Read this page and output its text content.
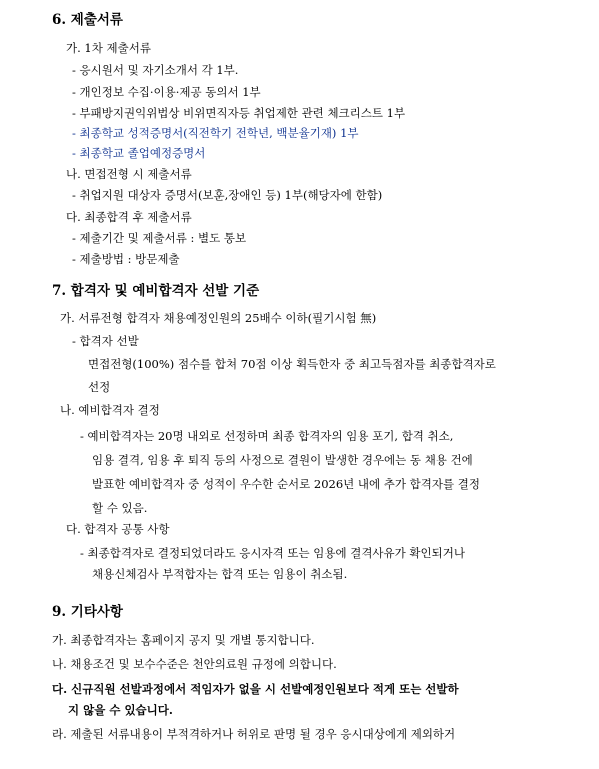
6. 제출서류
가. 1차 제출서류
- 응시원서 및 자기소개서 각 1부.
- 개인정보 수집·이용·제공 동의서 1부
- 부패방지권익위법상 비위면직자등 취업제한 관련 체크리스트 1부
- 최종학교 성적증명서(직전학기 전학년, 백분율기재) 1부
- 최종학교 졸업예정증명서
나. 면접전형 시 제출서류
- 취업지원 대상자 증명서(보훈,장애인 등) 1부(해당자에 한함)
다. 최종합격 후 제출서류
- 제출기간 및 제출서류 : 별도 통보
- 제출방법 : 방문제출
7. 합격자 및 예비합격자 선발 기준
가. 서류전형 합격자 채용예정인원의 25배수 이하(필기시험 無)
- 합격자 선발
면접전형(100%) 점수를 합쳐 70점 이상 획득한자 중 최고득점자를 최종합격자로
선정
나. 예비합격자 결정
- 예비합격자는 20명 내외로 선정하며 최종 합격자의 임용 포기, 합격 취소,
임용 결격, 임용 후 퇴직 등의 사정으로 결원이 발생한 경우에는 동 채용 건에
발표한 예비합격자 중 성적이 우수한 순서로 2026년 내에 추가 합격자를 결정
할 수 있음.
다. 합격자 공통 사항
- 최종합격자로 결정되었더라도 응시자격 또는 임용에 결격사유가 확인되거나
채용신체검사 부적합자는 합격 또는 임용이 취소됨.
9. 기타사항
가. 최종합격자는 홈페이지 공지 및 개별 통지합니다.
나. 채용조건 및 보수수준은 천안의료원 규정에 의합니다.
다. 신규직원 선발과정에서 적임자가 없을 시 선발예정인원보다 적게 또는 선발하
지 않을 수 있습니다.
라. 제출된 서류내용이 부적격하거나 허위로 판명 될 경우 응시대상에게 제외하거
